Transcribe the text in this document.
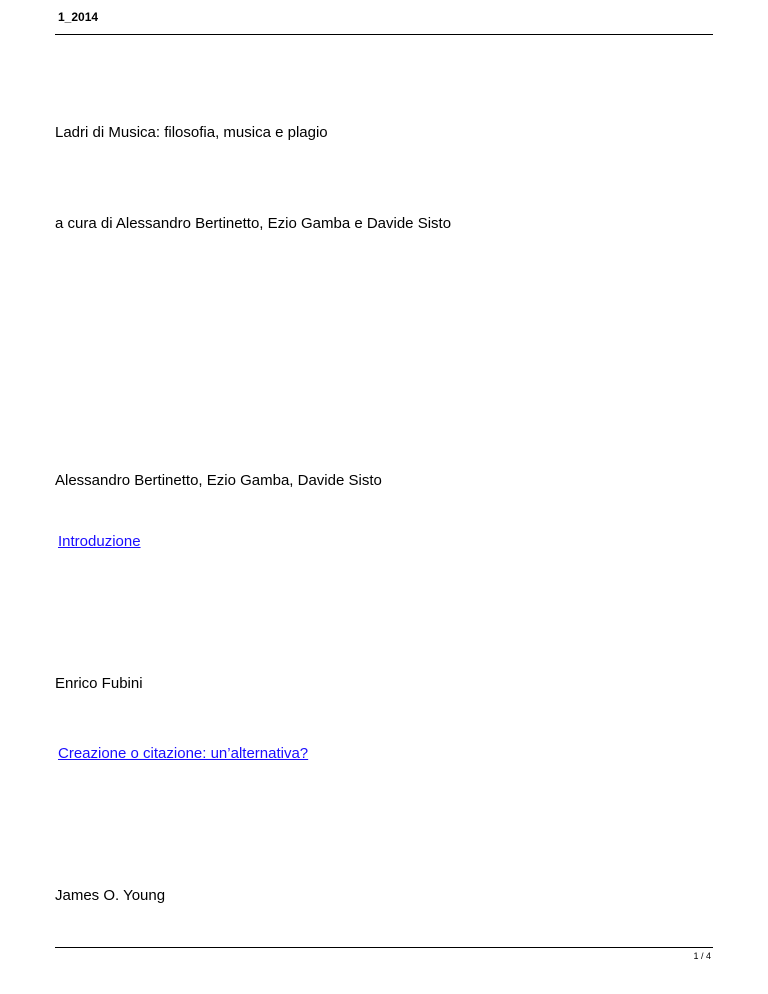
1_2014
Ladri di Musica: filosofia, musica e plagio
a cura di Alessandro Bertinetto, Ezio Gamba e Davide Sisto
Alessandro Bertinetto, Ezio Gamba, Davide Sisto
Introduzione
Enrico Fubini
Creazione o citazione: un’alternativa?
James O. Young
1 / 4
